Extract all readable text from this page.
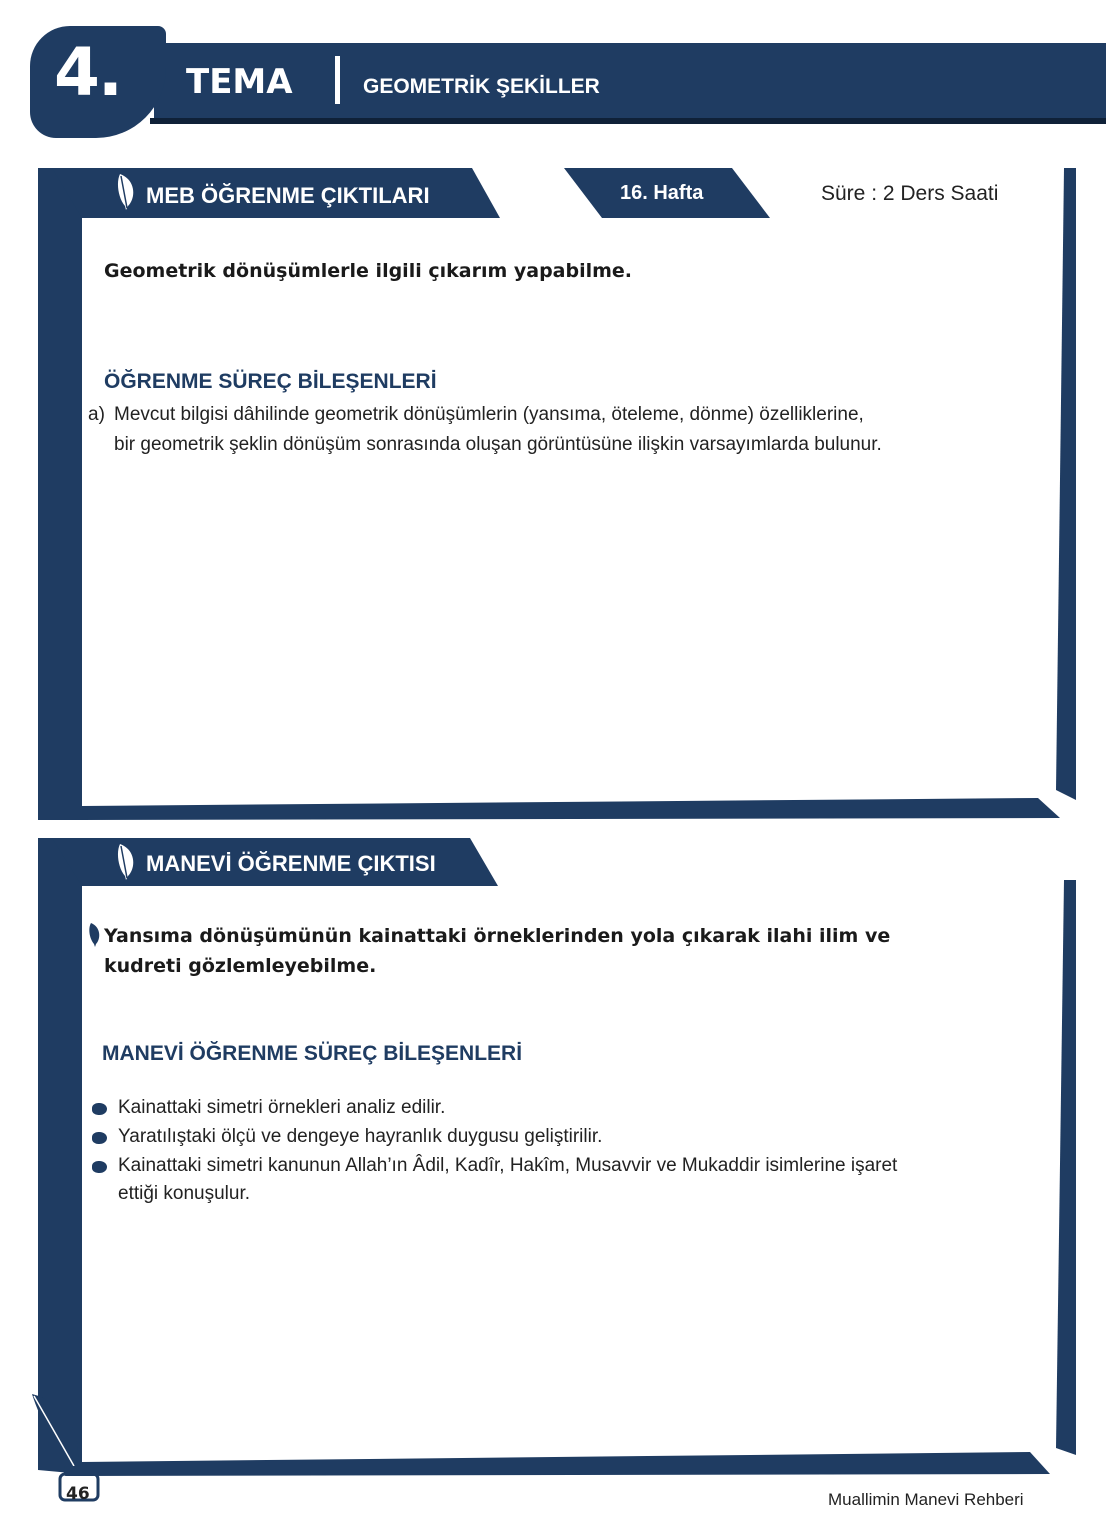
4. TEMA	GEOMETRİK ŞEKİLLER
MEB ÖĞRENME ÇIKTILARI	16. Hafta	Süre : 2 Ders Saati
Geometrik dönüşümlerle ilgili çıkarım yapabilme.
ÖĞRENME SÜREÇ BİLEŞENLERİ
a) Mevcut bilgisi dâhilinde geometrik dönüşümlerin (yansıma, öteleme, dönme) özelliklerine,
bir geometrik şeklin dönüşüm sonrasında oluşan görüntüsüne ilişkin varsayımlarda bulunur.
MANEVİ ÖĞRENME ÇIKTISI
Yansıma dönüşümünün kainattaki örneklerinden yola çıkarak ilahi ilim ve
kudreti gözlemleyebilme.
MANEVİ ÖĞRENME SÜREÇ BİLEŞENLERİ
Kainattaki simetri örnekleri analiz edilir.
Yaratılıştaki ölçü ve dengeye hayranlık duygusu geliştirilir.
Kainattaki simetri kanunun Allah’ın Âdil, Kadîr, Hakîm, Musavvir ve Mukaddir isimlerine işaret
ettiği konuşulur.
46	Muallimin Manevi Rehberi
